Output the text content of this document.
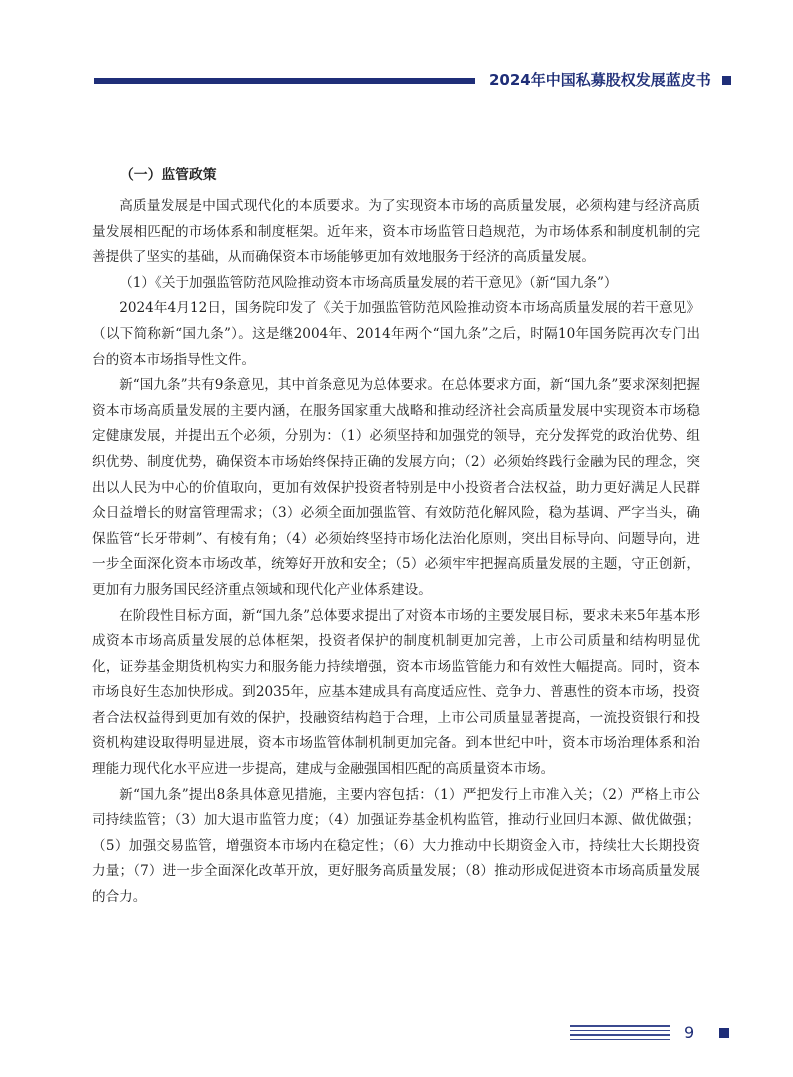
2024年中国私募股权发展蓝皮书
（一）监管政策

高质量发展是中国式现代化的本质要求。为了实现资本市场的高质量发展，必须构建与经济高质量发展相匹配的市场体系和制度框架。近年来，资本市场监管日趋规范，为市场体系和制度机制的完善提供了坚实的基础，从而确保资本市场能够更加有效地服务于经济的高质量发展。

（1）《关于加强监管防范风险推动资本市场高质量发展的若干意见》（新“国九条”）

2024年4月12日，国务院印发了《关于加强监管防范风险推动资本市场高质量发展的若干意见》（以下简称新“国九条”）。这是继2004年、2014年两个“国九条”之后，时隔10年国务院再次专门出台的资本市场指导性文件。

新“国九条”共有9条意见，其中首条意见为总体要求。在总体要求方面，新“国九条”要求深刻把握资本市场高质量发展的主要内涵，在服务国家重大战略和推动经济社会高质量发展中实现资本市场稳定健康发展，并提出五个必须，分别为：（1）必须坚持和加强党的领导，充分发挥党的政治优势、组织优势、制度优势，确保资本市场始终保持正确的发展方向；（2）必须始终践行金融为民的理念，突出以人民为中心的价值取向，更加有效保护投资者特别是中小投资者合法权益，助力更好满足人民群众日益增长的财富管理需求；（3）必须全面加强监管、有效防范化解风险，稳为基调、严字当头，确保监管“长牙带刺”、有棱有角；（4）必须始终坚持市场化法治化原则，突出目标导向、问题导向，进一步全面深化资本市场改革，统筹好开放和安全；（5）必须牢牢把握高质量发展的主题，守正创新，更加有力服务国民经济重点领域和现代化产业体系建设。

在阶段性目标方面，新“国九条”总体要求提出了对资本市场的主要发展目标，要求未来5年基本形成资本市场高质量发展的总体框架，投资者保护的制度机制更加完善，上市公司质量和结构明显优化，证券基金期货机构实力和服务能力持续增强，资本市场监管能力和有效性大幅提高。同时，资本市场良好生态加快形成。到2035年，应基本建成具有高度适应性、竞争力、普惠性的资本市场，投资者合法权益得到更加有效的保护，投融资结构趋于合理，上市公司质量显著提高，一流投资银行和投资机构建设取得明显进展，资本市场监管体制机制更加完备。到本世纪中叶，资本市场治理体系和治理能力现代化水平应进一步提高，建成与金融强国相匹配的高质量资本市场。

新“国九条”提出8条具体意见措施，主要内容包括：（1）严把发行上市准入关；（2）严格上市公司持续监管；（3）加大退市监管力度；（4）加强证券基金机构监管，推动行业回归本源、做优做强；（5）加强交易监管，增强资本市场内在稳定性；（6）大力推动中长期资金入市，持续壮大长期投资力量；（7）进一步全面深化改革开放，更好服务高质量发展；（8）推动形成促进资本市场高质量发展的合力。

9
